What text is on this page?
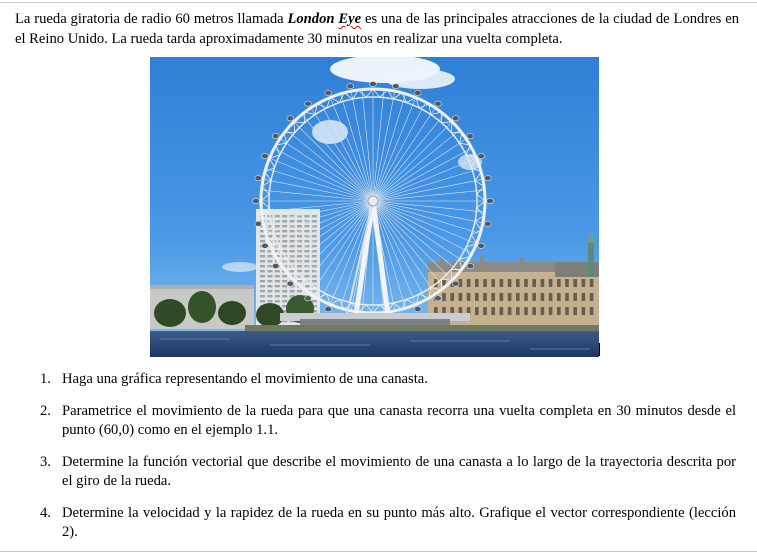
La rueda giratoria de radio 60 metros llamada London Eye es una de las principales atracciones de la ciudad de Londres en el Reino Unido. La rueda tarda aproximadamente 30 minutos en realizar una vuelta completa.

1. Haga una gráfica representando el movimiento de una canasta.
2. Parametrice el movimiento de la rueda para que una canasta recorra una vuelta completa en 30 minutos desde el punto (60,0) como en el ejemplo 1.1.
3. Determine la función vectorial que describe el movimiento de una canasta a lo largo de la trayectoria descrita por el giro de la rueda.
4. Determine la velocidad y la rapidez de la rueda en su punto más alto. Grafique el vector correspondiente (lección 2).
